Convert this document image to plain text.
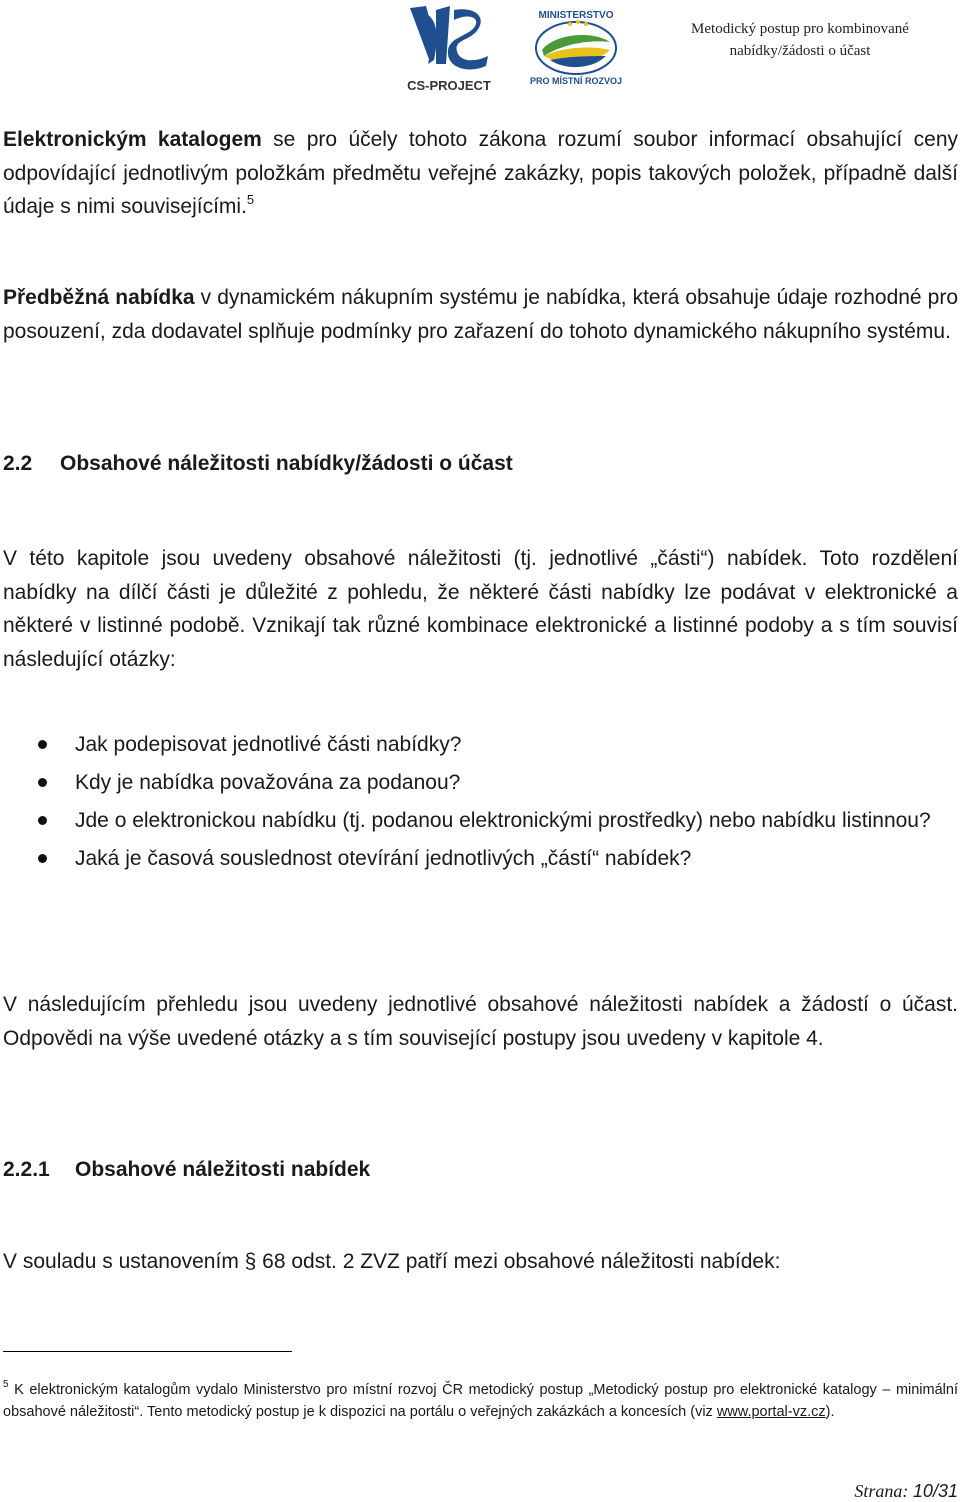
CS-PROJECT
MINISTERSTVO
PRO MÍSTNÍ ROZVOJ
Metodický postup pro kombinované
nabídky/žádosti o účast

Elektronickým katalogem se pro účely tohoto zákona rozumí soubor informací obsahující ceny odpovídající jednotlivým položkám předmětu veřejné zakázky, popis takových položek, případně další údaje s nimi souvisejícími.$^5$

Předběžná nabídka v dynamickém nákupním systému je nabídka, která obsahuje údaje rozhodné pro posouzení, zda dodavatel splňuje podmínky pro zařazení do tohoto dynamického nákupního systému.

2.2 Obsahové náležitosti nabídky/žádosti o účast

V této kapitole jsou uvedeny obsahové náležitosti (tj. jednotlivé „části“) nabídek. Toto rozdělení nabídky na dílčí části je důležité z pohledu, že některé části nabídky lze podávat v elektronické a některé v listinné podobě. Vznikají tak různé kombinace elektronické a listinné podoby a s tím souvisí následující otázky:

Jak podepisovat jednotlivé části nabídky?
Kdy je nabídka považována za podanou?
Jde o elektronickou nabídku (tj. podanou elektronickými prostředky) nebo nabídku listinnou?
Jaká je časová souslednost otevírání jednotlivých „částí“ nabídek?

V následujícím přehledu jsou uvedeny jednotlivé obsahové náležitosti nabídek a žádostí o účast. Odpovědi na výše uvedené otázky a s tím související postupy jsou uvedeny v kapitole 4.

2.2.1 Obsahové náležitosti nabídek

V souladu s ustanovením § 68 odst. 2 ZVZ patří mezi obsahové náležitosti nabídek:

$^5$ K elektronickým katalogům vydalo Ministerstvo pro místní rozvoj ČR metodický postup „Metodický postup pro elektronické katalogy – minimální obsahové náležitosti“. Tento metodický postup je k dispozici na portálu o veřejných zakázkách a koncesích (viz www.portal-vz.cz).

Strana: 10/31
